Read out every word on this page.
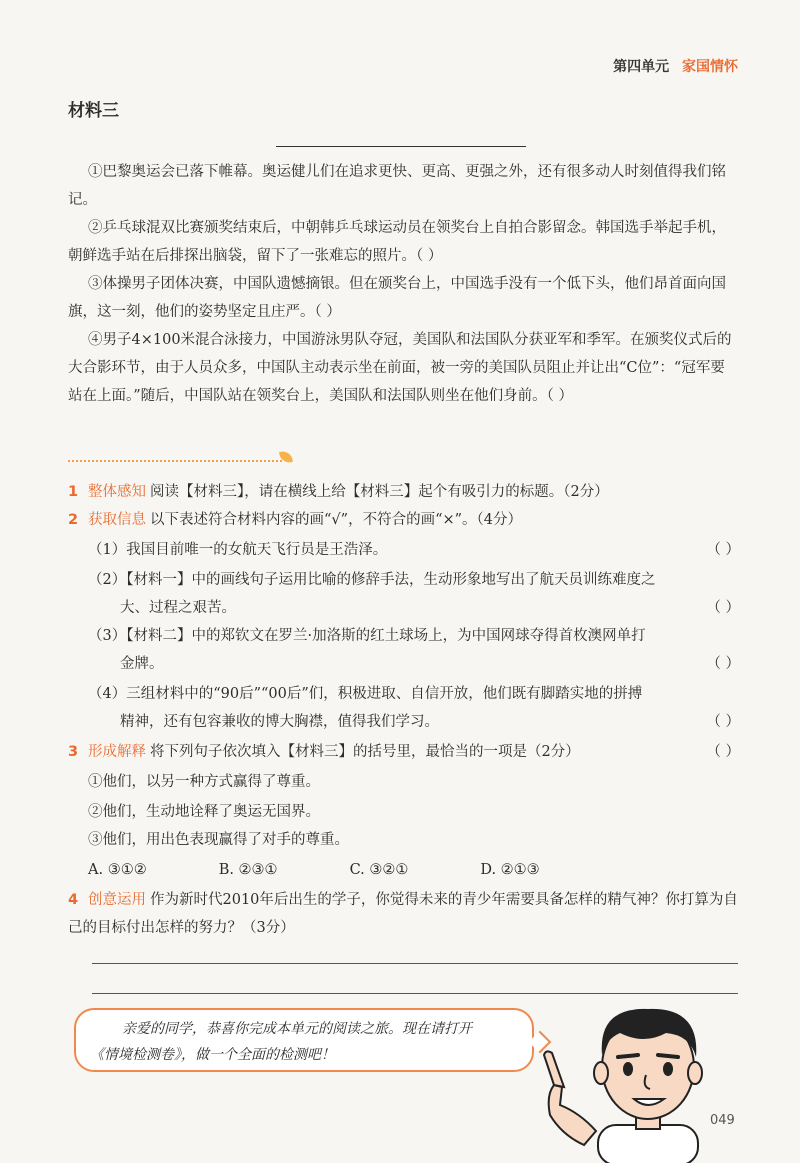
第四单元 家国情怀
材料三
①巴黎奥运会已落下帷幕。奥运健儿们在追求更快、更高、更强之外，还有很多动人时刻值得我们铭记。
②乒乓球混双比赛颁奖结束后，中朝韩乒乓球运动员在领奖台上自拍合影留念。韩国选手举起手机，朝鲜选手站在后排探出脑袋，留下了一张难忘的照片。（ ）
③体操男子团体决赛，中国队遗憾摘银。但在颁奖台上，中国选手没有一个低下头，他们昂首面向国旗，这一刻，他们的姿势坚定且庄严。（ ）
④男子4×100米混合泳接力，中国游泳男队夺冠，美国队和法国队分获亚军和季军。在颁奖仪式后的大合影环节，由于人员众多，中国队主动表示坐在前面，被一旁的美国队员阻止并让出“C位”：“冠军要站在上面。”随后，中国队站在领奖台上，美国队和法国队则坐在他们身前。（ ）
1 整体感知 阅读【材料三】，请在横线上给【材料三】起个有吸引力的标题。（2分）
2 获取信息 以下表述符合材料内容的画“√”，不符合的画“×”。（4分）
（1）我国目前唯一的女航天飞行员是王浩泽。	（ ）
（2）【材料一】中的画线句子运用比喻的修辞手法，生动形象地写出了航天员训练难度之
大、过程之艰苦。	（ ）
（3）【材料二】中的郑钦文在罗兰·加洛斯的红土球场上，为中国网球夺得首枚澳网单打
金牌。	（ ）
（4）三组材料中的“90后”“00后”们，积极进取、自信开放，他们既有脚踏实地的拼搏
精神，还有包容兼收的博大胸襟，值得我们学习。	（ ）
3 形成解释 将下列句子依次填入【材料三】的括号里，最恰当的一项是（2分）	（ ）
①他们，以另一种方式赢得了尊重。
②他们，生动地诠释了奥运无国界。
③他们，用出色表现赢得了对手的尊重。
A. ③①②	B. ②③①	C. ③②①	D. ②①③
4 创意运用 作为新时代2010年后出生的学子，你觉得未来的青少年需要具备怎样的精气神？你打算为自己的目标付出怎样的努力？（3分）
亲爱的同学，恭喜你完成本单元的阅读之旅。现在请打开
《情境检测卷》，做一个全面的检测吧！
049
